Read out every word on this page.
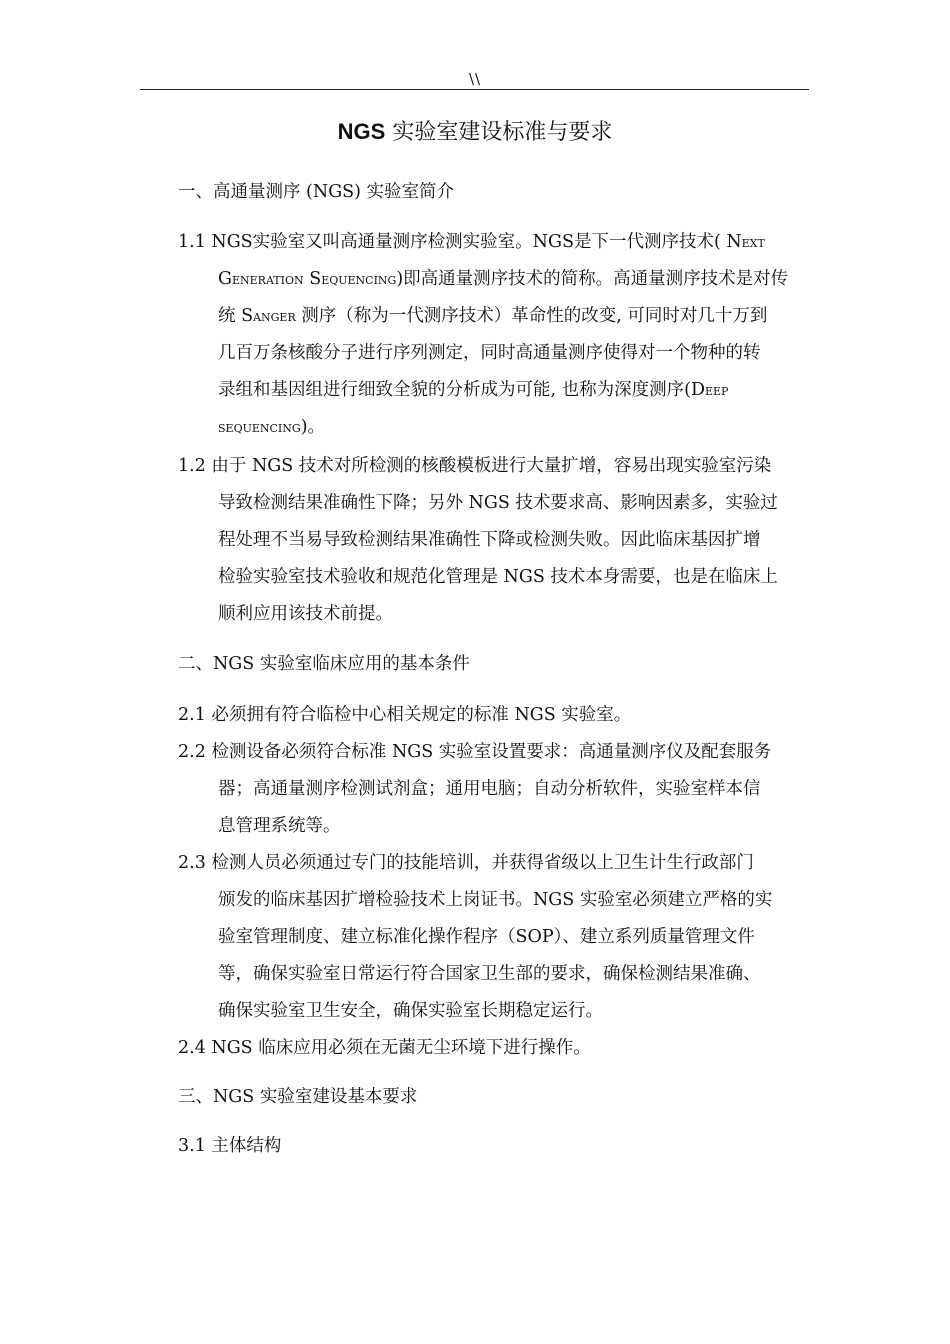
\\
NGS 实验室建设标准与要求
一、高通量测序 (NGS) 实验室简介
1.1 NGS实验室又叫高通量测序检测实验室。NGS是下一代测序技术( NEXT
GENERATION SEQUENCING)即高通量测序技术的简称。高通量测序技术是对传
统 SANGER 测序（称为一代测序技术）革命性的改变, 可同时对几十万到
几百万条核酸分子进行序列测定，同时高通量测序使得对一个物种的转
录组和基因组进行细致全貌的分析成为可能, 也称为深度测序(DEEP
SEQUENCING)。
1.2 由于 NGS 技术对所检测的核酸模板进行大量扩增，容易出现实验室污染
导致检测结果准确性下降；另外 NGS 技术要求高、影响因素多，实验过
程处理不当易导致检测结果准确性下降或检测失败。因此临床基因扩增
检验实验室技术验收和规范化管理是 NGS 技术本身需要，也是在临床上
顺利应用该技术前提。
二、NGS 实验室临床应用的基本条件
2.1 必须拥有符合临检中心相关规定的标准 NGS 实验室。
2.2 检测设备必须符合标准 NGS 实验室设置要求：高通量测序仪及配套服务
器；高通量测序检测试剂盒；通用电脑；自动分析软件，实验室样本信
息管理系统等。
2.3 检测人员必须通过专门的技能培训，并获得省级以上卫生计生行政部门
颁发的临床基因扩增检验技术上岗证书。NGS 实验室必须建立严格的实
验室管理制度、建立标准化操作程序（SOP）、建立系列质量管理文件
等，确保实验室日常运行符合国家卫生部的要求，确保检测结果准确、
确保实验室卫生安全，确保实验室长期稳定运行。
2.4 NGS 临床应用必须在无菌无尘环境下进行操作。
三、NGS 实验室建设基本要求
3.1 主体结构
